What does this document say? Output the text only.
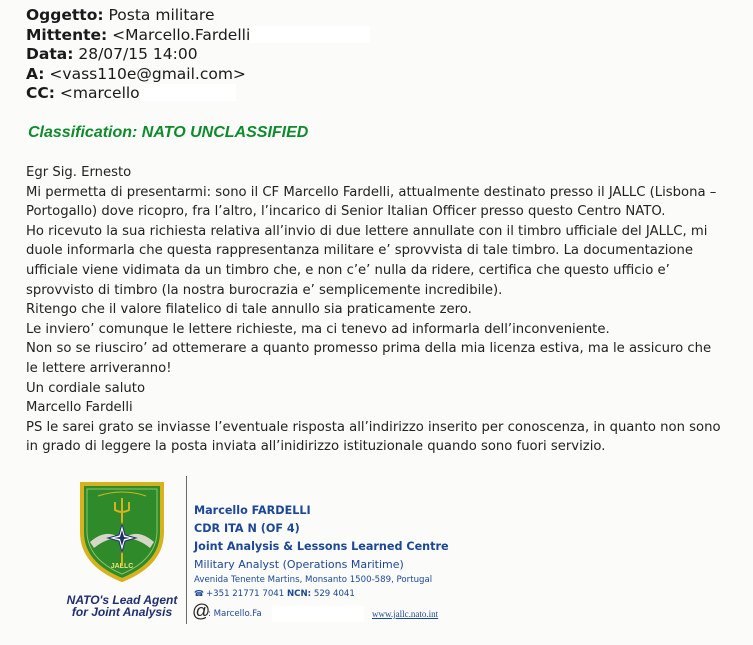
Oggetto: Posta militare
Mittente: <Marcello.Fardelli
Data: 28/07/15 14:00
A: <vass110e@gmail.com>
CC: <marcello
Classification: NATO UNCLASSIFIED
Egr Sig. Ernesto
Mi permetta di presentarmi: sono il CF Marcello Fardelli, attualmente destinato presso il JALLC (Lisbona – Portogallo) dove ricopro, fra l’altro, l’incarico di Senior Italian Officer presso questo Centro NATO.
Ho ricevuto la sua richiesta relativa all’invio di due lettere annullate con il timbro ufficiale del JALLC, mi duole informarla che questa rappresentanza militare e’ sprovvista di tale timbro. La documentazione ufficiale viene vidimata da un timbro che, e non c’e’ nulla da ridere, certifica che questo ufficio e’ sprovvisto di timbro (la nostra burocrazia e’ semplicemente incredibile).
Ritengo che il valore filatelico di tale annullo sia praticamente zero.
Le inviero’ comunque le lettere richieste, ma ci tenevo ad informarla dell’inconveniente.
Non so se riusciro’ ad ottemerare a quanto promesso prima della mia licenza estiva, ma le assicuro che le lettere arriveranno!
Un cordiale saluto
Marcello Fardelli
PS le sarei grato se inviasse l’eventuale risposta all’indirizzo inserito per conoscenza, in quanto non sono in grado di leggere la posta inviata all’inidirizzo istituzionale quando sono fuori servizio.
JALLC
NATO's Lead Agent
for Joint Analysis
Marcello FARDELLI
CDR ITA N (OF 4)
Joint Analysis & Lessons Learned Centre
Military Analyst (Operations Maritime)
Avenida Tenente Martins, Monsanto 1500-589, Portugal
☎ +351 21771 7041 NCN: 529 4041
@
: Marcello.Fa	www.jallc.nato.int
